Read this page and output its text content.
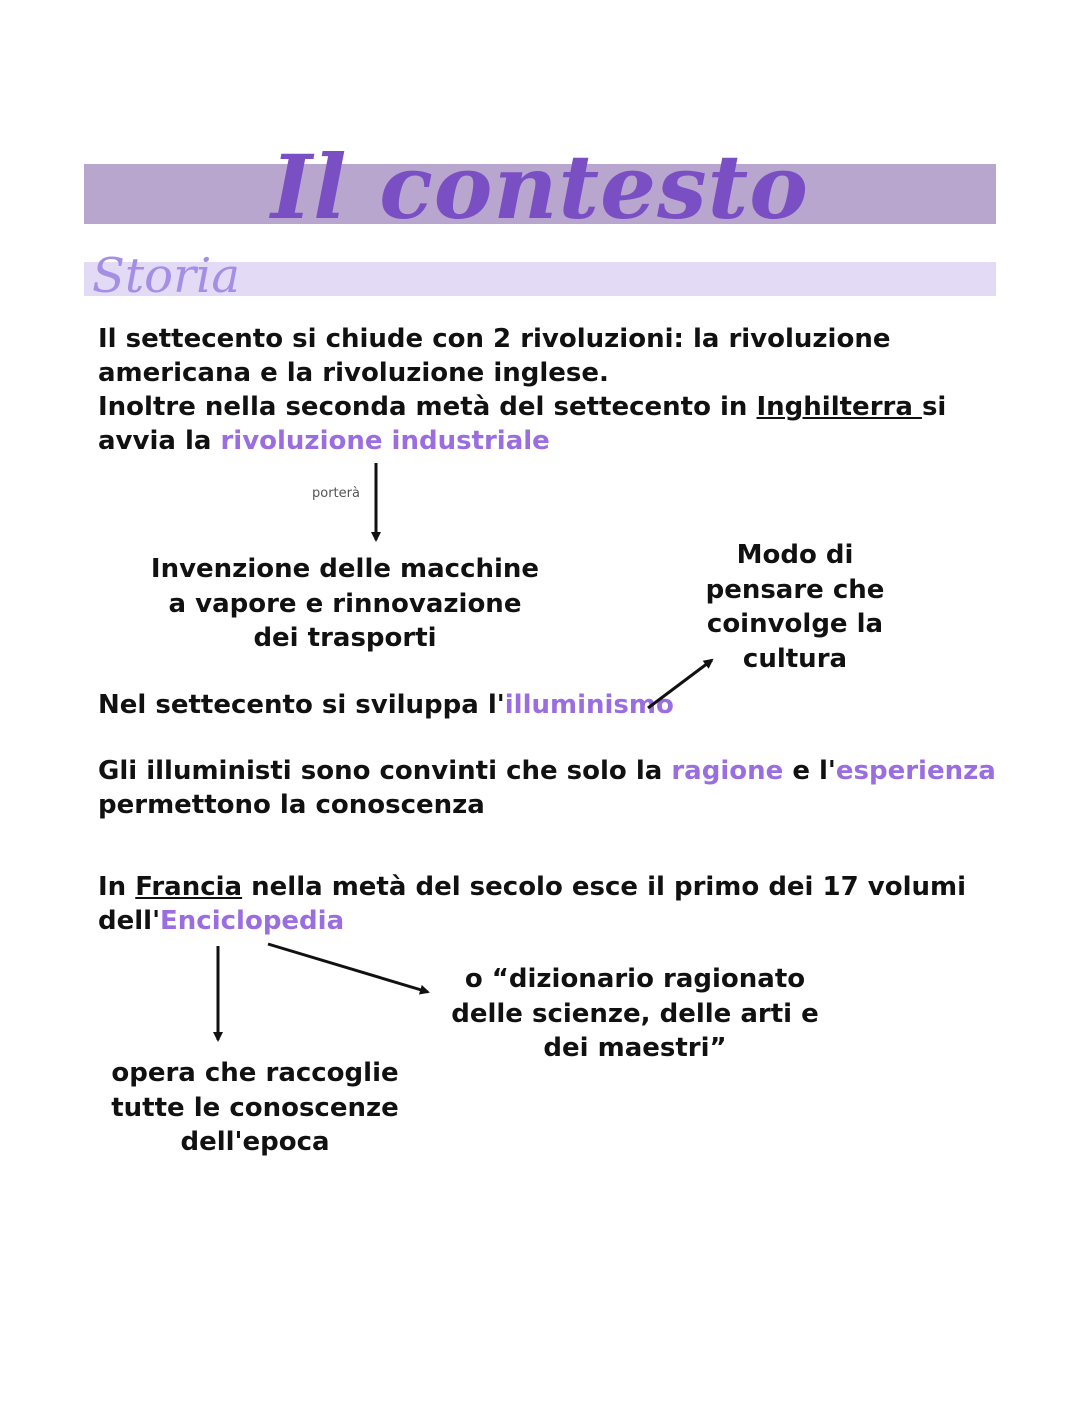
Il contesto
Storia
Il settecento si chiude con 2 rivoluzioni: la rivoluzione
americana e la rivoluzione inglese.
Inoltre nella seconda metà del settecento in Inghilterra si
avvia la rivoluzione industriale
porterà
Invenzione delle macchine
a vapore e rinnovazione
dei trasporti
Modo di
pensare che
coinvolge la
cultura
Nel settecento si sviluppa l'illuminismo
Gli illuministi sono convinti che solo la ragione e l'esperienza
permettono la conoscenza
In Francia nella metà del secolo esce il primo dei 17 volumi
dell'Enciclopedia
o “dizionario ragionato
delle scienze, delle arti e
dei maestri”
opera che raccoglie
tutte le conoscenze
dell'epoca
